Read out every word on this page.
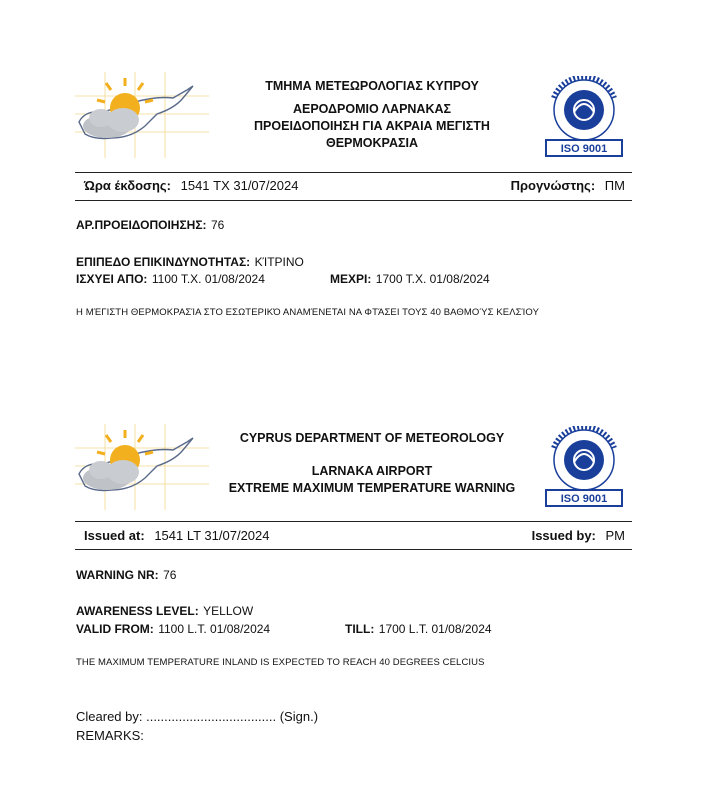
ΤΜΗΜΑ ΜΕΤΕΩΡΟΛΟΓΙΑΣ ΚΥΠΡΟΥ
ΑΕΡΟΔΡΟΜΙΟ ΛΑΡΝΑΚΑΣ
ΠΡΟΕΙΔΟΠΟΙΗΣΗ ΓΙΑ ΑΚΡΑΙΑ ΜΕΓΙΣΤΗ
ΘΕΡΜΟΚΡΑΣΙΑ	ISO 9001
Ώρα έκδοσης: 1541 TX 31/07/2024	Προγνώστης: ΠΜ
ΑΡ.ΠΡΟΕΙΔΟΠΟΙΗΣΗΣ: 76
ΕΠΙΠΕΔΟ ΕΠΙΚΙΝΔΥΝΟΤΗΤΑΣ: ΚΊΤΡΙΝΟ
ΙΣΧΥΕΙ ΑΠΟ: 1100 Τ.Χ. 01/08/2024	ΜΕΧΡΙ: 1700 Τ.Χ. 01/08/2024
Η ΜΈΓΙΣΤΗ ΘΕΡΜΟΚΡΑΣΊΑ ΣΤΟ ΕΣΩΤΕΡΙΚΌ ΑΝΑΜΈΝΕΤΑΙ ΝΑ ΦΤΆΣΕΙ ΤΟΥΣ 40 ΒΑΘΜΟΎΣ ΚΕΛΣΊΟΥ
CYPRUS DEPARTMENT OF METEOROLOGY
LARNAKA AIRPORT
EXTREME MAXIMUM TEMPERATURE WARNING
ISO 9001
Issued at: 1541 LT 31/07/2024	Issued by: PM
WARNING NR: 76
AWARENESS LEVEL: YELLOW
VALID FROM: 1100 L.T. 01/08/2024	TILL: 1700 L.T. 01/08/2024
THE MAXIMUM TEMPERATURE INLAND IS EXPECTED TO REACH 40 DEGREES CELCIUS
Cleared by: .................................... (Sign.)
REMARKS:
